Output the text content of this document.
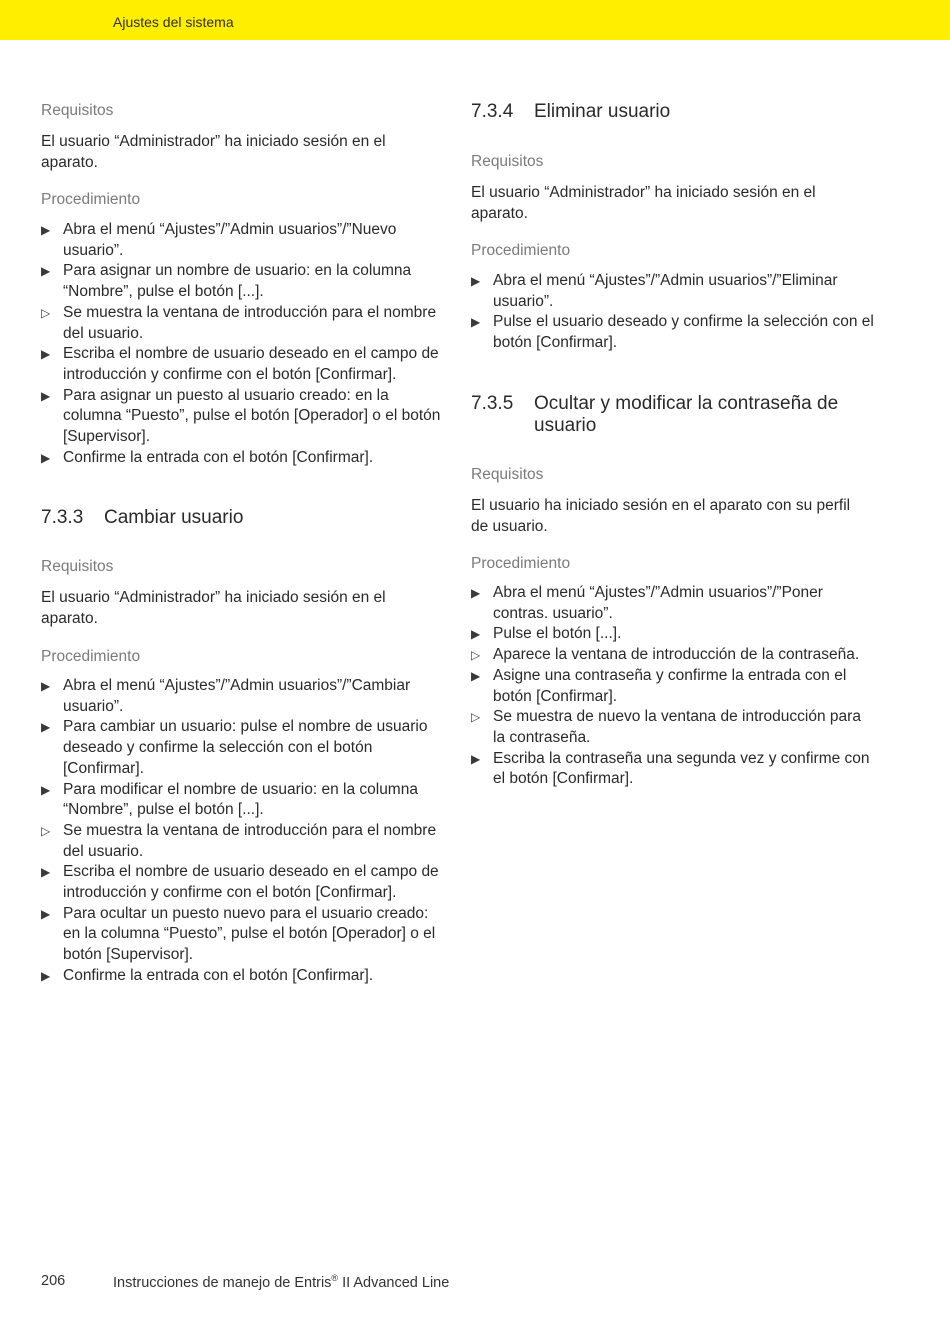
Ajustes del sistema
Requisitos

El usuario “Administrador” ha iniciado sesión en el aparato.

Procedimiento
▶ Abra el menú “Ajustes”/”Admin usuarios”/”Nuevo usuario”.
▶ Para asignar un nombre de usuario: en la columna “Nombre”, pulse el botón [...].
▷ Se muestra la ventana de introducción para el nombre del usuario.
▶ Escriba el nombre de usuario deseado en el campo de introducción y confirme con el botón [Confirmar].
▶ Para asignar un puesto al usuario creado: en la columna “Puesto”, pulse el botón [Operador] o el botón [Supervisor].
▶ Confirme la entrada con el botón [Confirmar].
7.3.3 Cambiar usuario
Requisitos

El usuario “Administrador” ha iniciado sesión en el aparato.

Procedimiento
▶ Abra el menú “Ajustes”/”Admin usuarios”/”Cambiar usuario”.
▶ Para cambiar un usuario: pulse el nombre de usuario deseado y confirme la selección con el botón [Confirmar].
▶ Para modificar el nombre de usuario: en la columna “Nombre”, pulse el botón [...].
▷ Se muestra la ventana de introducción para el nombre del usuario.
▶ Escriba el nombre de usuario deseado en el campo de introducción y confirme con el botón [Confirmar].
▶ Para ocultar un puesto nuevo para el usuario creado: en la columna “Puesto”, pulse el botón [Operador] o el botón [Supervisor].
▶ Confirme la entrada con el botón [Confirmar].
7.3.4 Eliminar usuario
Requisitos

El usuario “Administrador” ha iniciado sesión en el aparato.

Procedimiento
▶ Abra el menú “Ajustes”/”Admin usuarios”/”Eliminar usuario”.
▶ Pulse el usuario deseado y confirme la selección con el botón [Confirmar].
7.3.5 Ocultar y modificar la contraseña de usuario
Requisitos

El usuario ha iniciado sesión en el aparato con su perfil de usuario.

Procedimiento
▶ Abra el menú “Ajustes”/”Admin usuarios”/”Poner contras. usuario”.
▶ Pulse el botón [...].
▷ Aparece la ventana de introducción de la contraseña.
▶ Asigne una contraseña y confirme la entrada con el botón [Confirmar].
▷ Se muestra de nuevo la ventana de introducción para la contraseña.
▶ Escriba la contraseña una segunda vez y confirme con el botón [Confirmar].
206	Instrucciones de manejo de Entris® II Advanced Line
